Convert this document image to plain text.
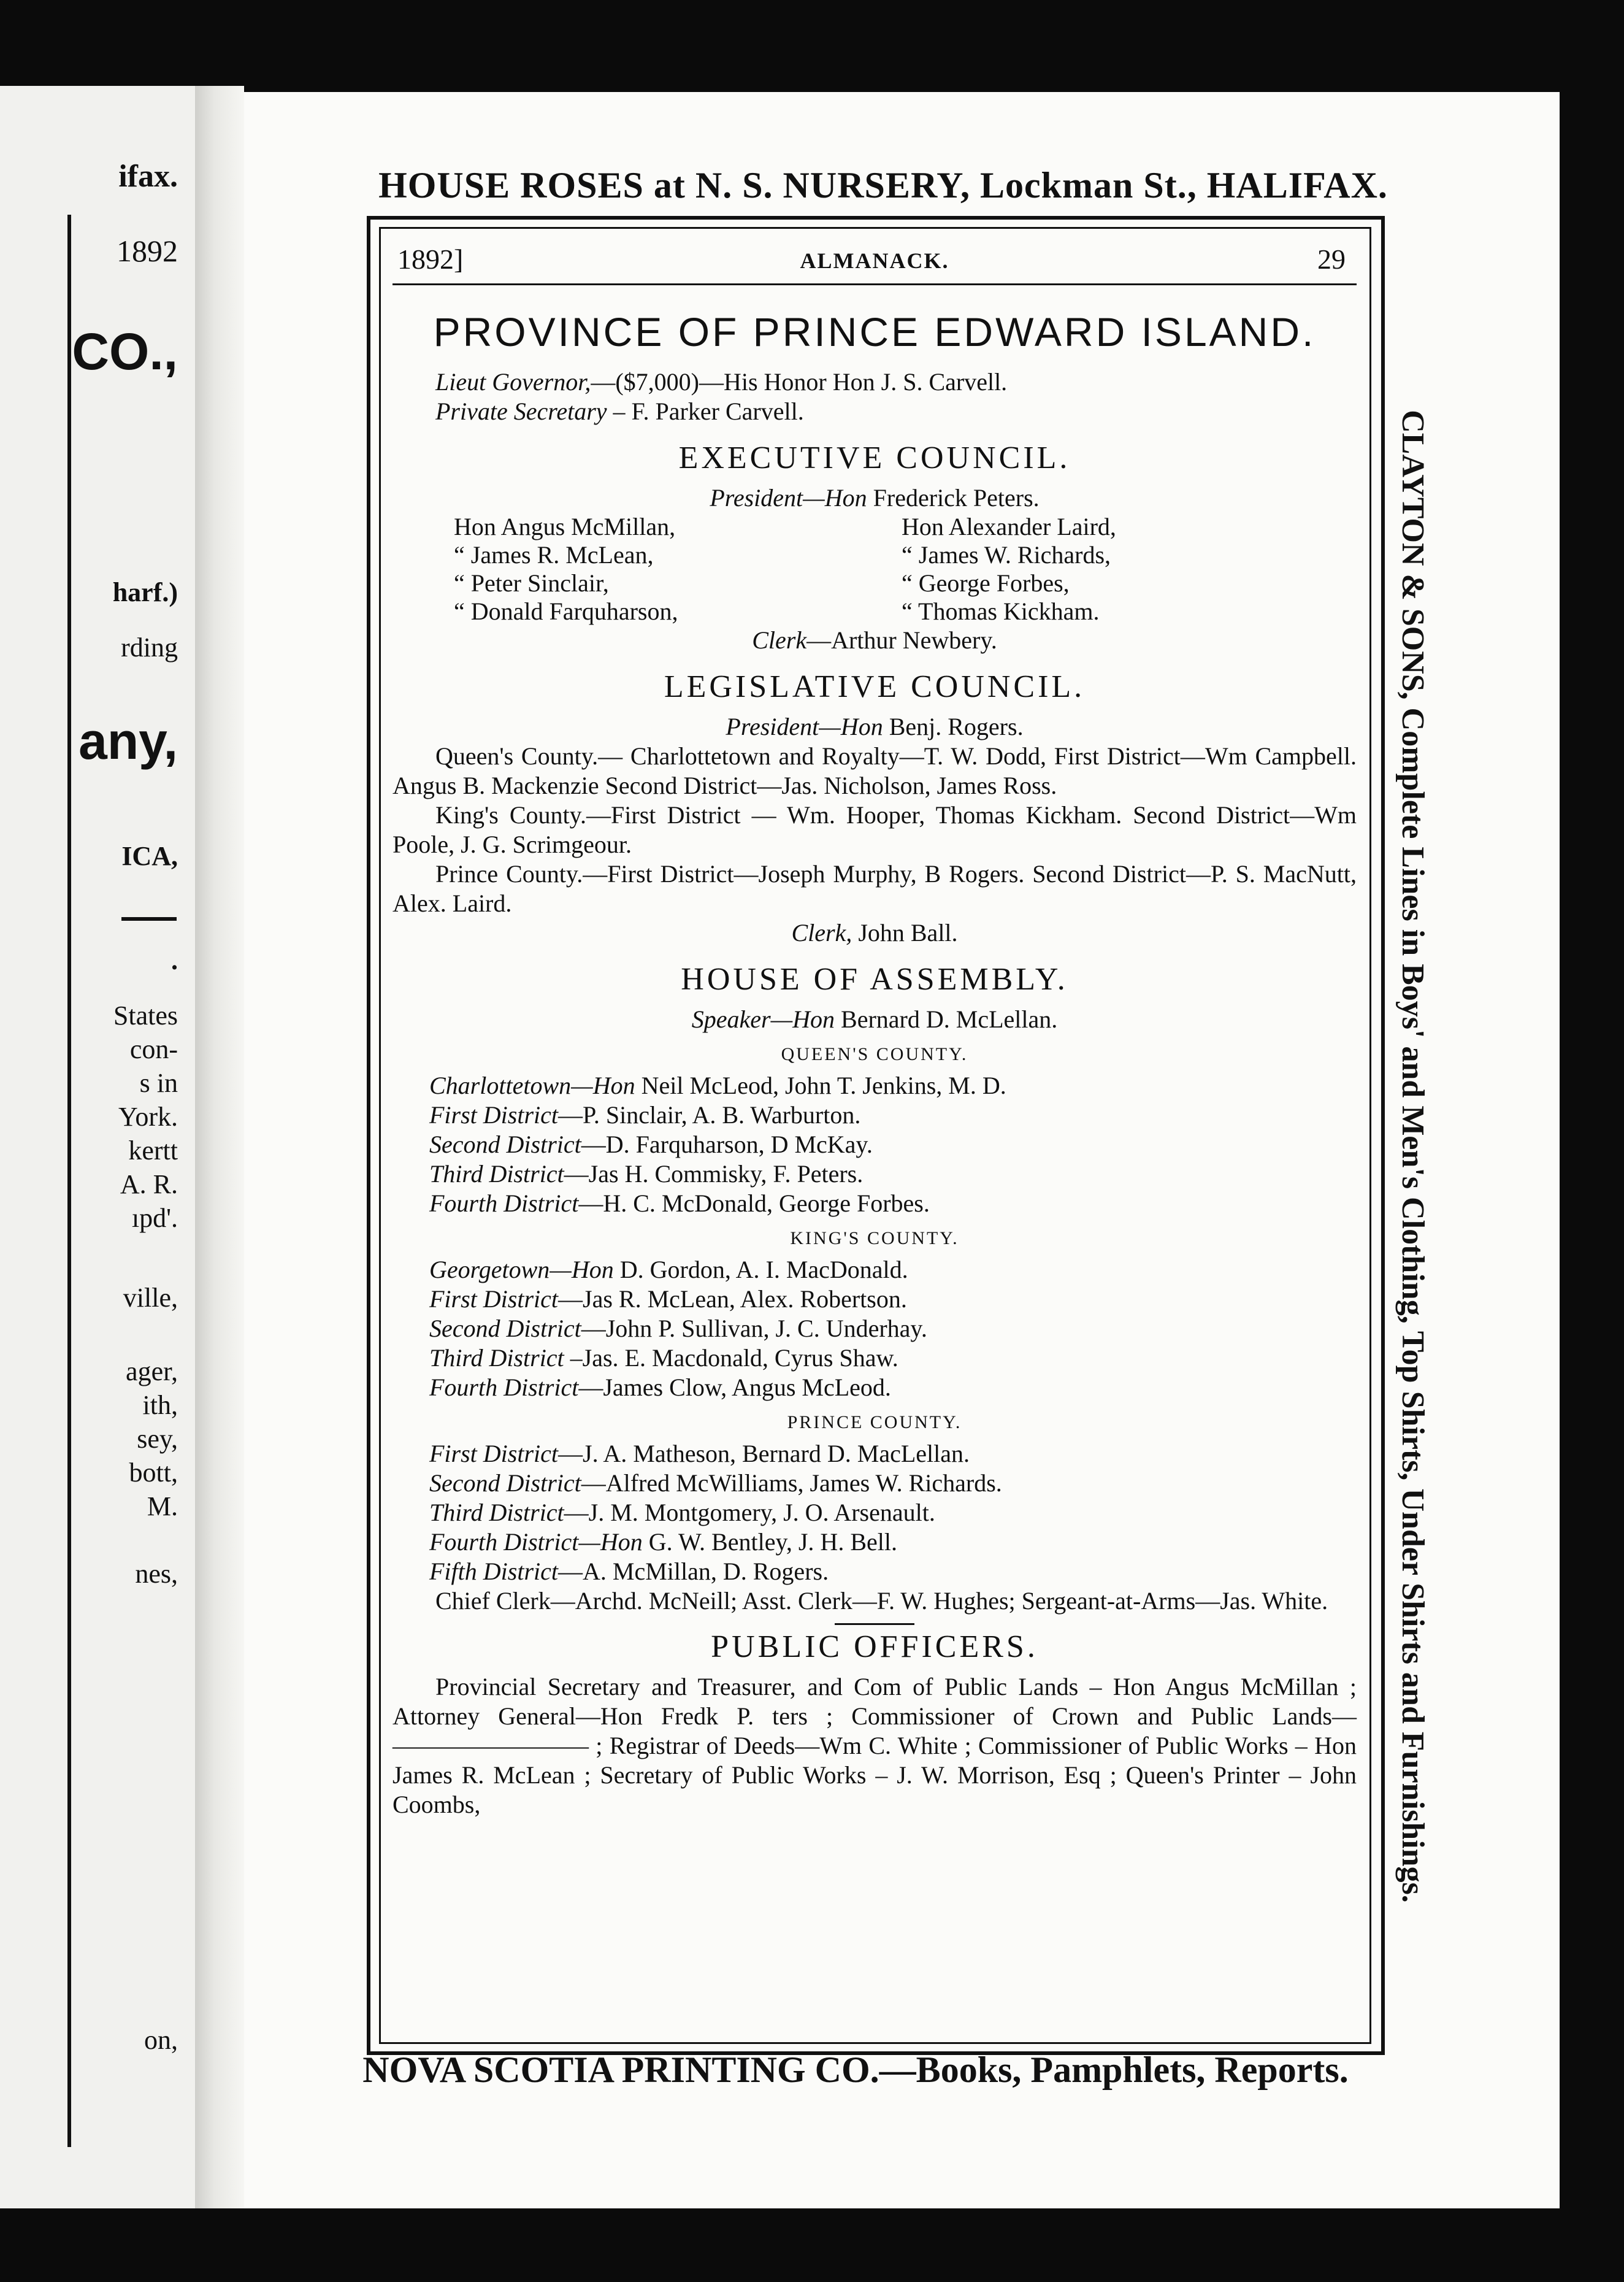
ifax.
1892
CO.,
harf.)
rding
any,
ICA,
.
States
con-
s in
York.
kertt
A. R.
ıpd'.
ville,
ager,
ith,
sey,
bott,
M.
nes,
on,
HOUSE ROSES at N. S. NURSERY, Lockman St., HALIFAX.
CLAYTON & SONS, Complete Lines in Boys' and Men's Clothing, Top Shirts, Under Shirts and Furnishings.
NOVA SCOTIA PRINTING CO.—Books, Pamphlets, Reports.
1892]	ALMANACK.	29
PROVINCE OF PRINCE EDWARD ISLAND.
Lieut Governor,—($7,000)—His Honor Hon J. S. Carvell.
Private Secretary – F. Parker Carvell.
EXECUTIVE COUNCIL.
President—Hon Frederick Peters.
Hon Angus McMillan,	Hon Alexander Laird,
“ James R. McLean,	“ James W. Richards,
“ Peter Sinclair,	“ George Forbes,
“ Donald Farquharson,	“ Thomas Kickham.
Clerk—Arthur Newbery.
LEGISLATIVE COUNCIL.
President—Hon Benj. Rogers.
Queen's County.— Charlottetown and Royalty—T. W. Dodd, First District—Wm Campbell. Angus B. Mackenzie Second District—Jas. Nicholson, James Ross.
King's County.—First District — Wm. Hooper, Thomas Kickham. Second District—Wm Poole, J. G. Scrimgeour.
Prince County.—First District—Joseph Murphy, B Rogers. Second District—P. S. MacNutt, Alex. Laird.
Clerk, John Ball.
HOUSE OF ASSEMBLY.
Speaker—Hon Bernard D. McLellan.
QUEEN'S COUNTY.
Charlottetown—Hon Neil McLeod, John T. Jenkins, M. D.
First District—P. Sinclair, A. B. Warburton.
Second District—D. Farquharson, D McKay.
Third District—Jas H. Commisky, F. Peters.
Fourth District—H. C. McDonald, George Forbes.
KING'S COUNTY.
Georgetown—Hon D. Gordon, A. I. MacDonald.
First District—Jas R. McLean, Alex. Robertson.
Second District—John P. Sullivan, J. C. Underhay.
Third District –Jas. E. Macdonald, Cyrus Shaw.
Fourth District—James Clow, Angus McLeod.
PRINCE COUNTY.
First District—J. A. Matheson, Bernard D. MacLellan.
Second District—Alfred McWilliams, James W. Richards.
Third District—J. M. Montgomery, J. O. Arsenault.
Fourth District—Hon G. W. Bentley, J. H. Bell.
Fifth District—A. McMillan, D. Rogers.
Chief Clerk—Archd. McNeill; Asst. Clerk—F. W. Hughes; Sergeant-at-Arms—Jas. White.
PUBLIC OFFICERS.
Provincial Secretary and Treasurer, and Com of Public Lands – Hon Angus McMillan ; Attorney General—Hon Fredk P. ters ; Commissioner of Crown and Public Lands— ———————— ; Registrar of Deeds—Wm C. White ; Commissioner of Public Works – Hon James R. McLean ; Secretary of Public Works – J. W. Morrison, Esq ; Queen's Printer – John Coombs,
